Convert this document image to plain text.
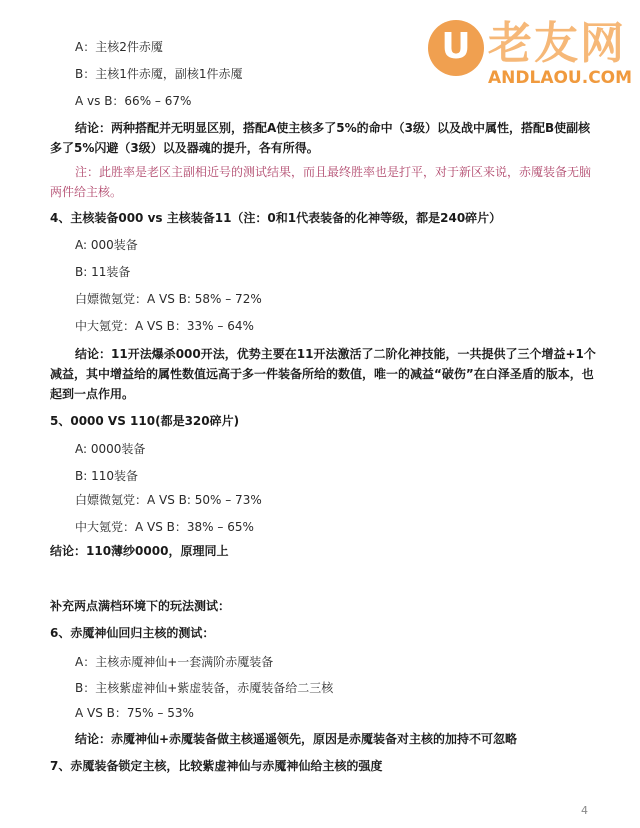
U 老友网
ANDLAOU.COM

A：主核2件赤魇

B：主核1件赤魇，副核1件赤魇

A vs B：66% – 67%

结论：两种搭配并无明显区别，搭配A使主核多了5%的命中（3级）以及战中属性，搭配B使副核多了5%闪避（3级）以及器魂的提升，各有所得。

注：此胜率是老区主副相近号的测试结果，而且最终胜率也是打平，对于新区来说，赤魇装备无脑两件给主核。

4、主核装备000 vs 主核装备11（注：0和1代表装备的化神等级，都是240碎片）

A: 000装备

B: 11装备

白嫖微氪党：A VS B: 58% – 72%

中大氪党：A VS B：33% – 64%

结论：11开法爆杀000开法，优势主要在11开法激活了二阶化神技能，一共提供了三个增益+1个减益，其中增益给的属性数值远高于多一件装备所给的数值，唯一的减益“破伤”在白泽圣盾的版本，也起到一点作用。

5、0000 VS 110(都是320碎片)

A: 0000装备

B: 110装备

白嫖微氪党：A VS B: 50% – 73%

中大氪党：A VS B：38% – 65%

结论：110薄纱0000，原理同上

补充两点满档环境下的玩法测试：

6、赤魇神仙回归主核的测试：

A：主核赤魇神仙+一套满阶赤魇装备

B：主核紫虚神仙+紫虚装备，赤魇装备给二三核

A VS B：75% – 53%

结论：赤魇神仙+赤魇装备做主核遥遥领先，原因是赤魇装备对主核的加持不可忽略

7、赤魇装备锁定主核，比较紫虚神仙与赤魇神仙给主核的强度

4
